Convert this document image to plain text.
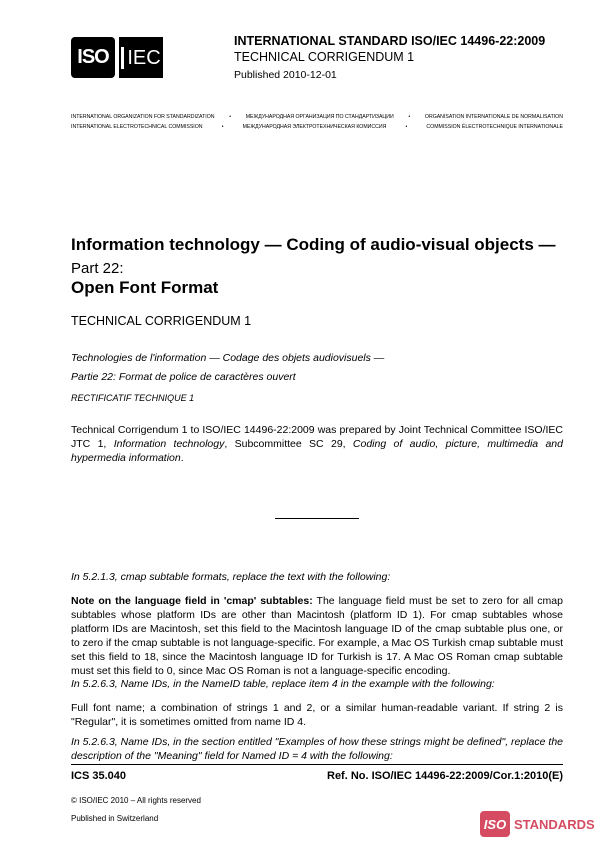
ISO IEC
INTERNATIONAL STANDARD ISO/IEC 14496-22:2009
TECHNICAL CORRIGENDUM 1
Published 2010-12-01
INTERNATIONAL ORGANIZATION FOR STANDARDIZATION	•	МЕЖДУНАРОДНАЯ ОРГАНИЗАЦИЯ ПО СТАНДАРТИЗАЦИИ	•	ORGANISATION INTERNATIONALE DE NORMALISATION
INTERNATIONAL ELECTROTECHNICAL COMMISSION	•	МЕЖДУНАРОДНАЯ ЭЛЕКТРОТЕХНИЧЕСКАЯ КОМИССИЯ	•	COMMISSION ÉLECTROTECHNIQUE INTERNATIONALE
Information technology — Coding of audio-visual objects —
Part 22:
Open Font Format
TECHNICAL CORRIGENDUM 1
Technologies de l'information — Codage des objets audiovisuels —
Partie 22: Format de police de caractères ouvert
RECTIFICATIF TECHNIQUE 1
Technical Corrigendum 1 to ISO/IEC 14496-22:2009 was prepared by Joint Technical Committee ISO/IEC JTC 1, Information technology, Subcommittee SC 29, Coding of audio, picture, multimedia and hypermedia information.
In 5.2.1.3, cmap subtable formats, replace the text with the following:
Note on the language field in 'cmap' subtables: The language field must be set to zero for all cmap subtables whose platform IDs are other than Macintosh (platform ID 1). For cmap subtables whose platform IDs are Macintosh, set this field to the Macintosh language ID of the cmap subtable plus one, or to zero if the cmap subtable is not language-specific. For example, a Mac OS Turkish cmap subtable must set this field to 18, since the Macintosh language ID for Turkish is 17. A Mac OS Roman cmap subtable must set this field to 0, since Mac OS Roman is not a language-specific encoding.
In 5.2.6.3, Name IDs, in the NameID table, replace item 4 in the example with the following:
Full font name; a combination of strings 1 and 2, or a similar human-readable variant. If string 2 is "Regular", it is sometimes omitted from name ID 4.
In 5.2.6.3, Name IDs, in the section entitled "Examples of how these strings might be defined", replace the description of the "Meaning" field for Named ID = 4 with the following:
ICS 35.040	Ref. No. ISO/IEC 14496-22:2009/Cor.1:2010(E)
© ISO/IEC 2010 – All rights reserved
Published in Switzerland	ISO STANDARDS
